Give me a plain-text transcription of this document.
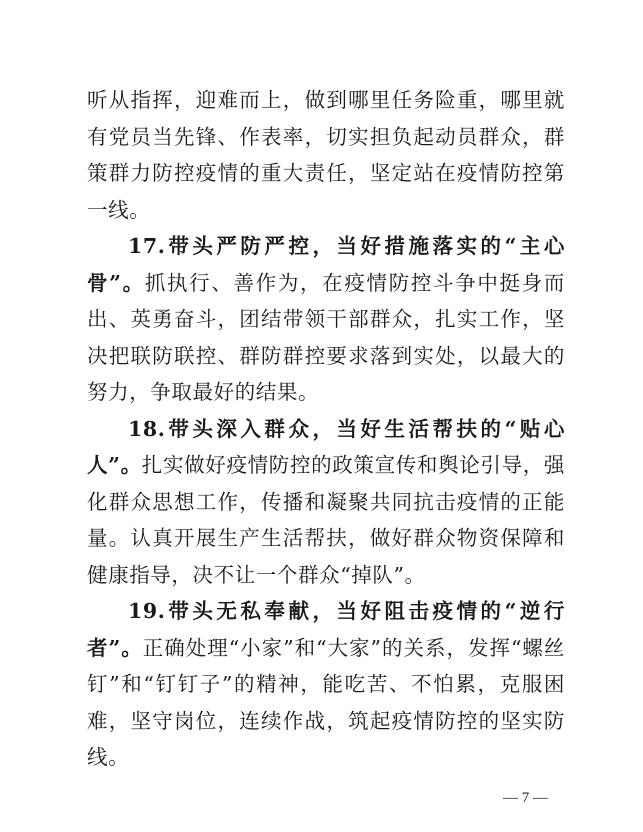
听从指挥，迎难而上，做到哪里任务险重，哪里就有党员当先锋、作表率，切实担负起动员群众，群策群力防控疫情的重大责任，坚定站在疫情防控第一线。

17.带头严防严控，当好措施落实的“主心骨”。抓执行、善作为，在疫情防控斗争中挺身而出、英勇奋斗，团结带领干部群众，扎实工作，坚决把联防联控、群防群控要求落到实处，以最大的努力，争取最好的结果。

18.带头深入群众，当好生活帮扶的“贴心人”。扎实做好疫情防控的政策宣传和舆论引导，强化群众思想工作，传播和凝聚共同抗击疫情的正能量。认真开展生产生活帮扶，做好群众物资保障和健康指导，决不让一个群众“掉队”。

19.带头无私奉献，当好阻击疫情的“逆行者”。正确处理“小家”和“大家”的关系，发挥“螺丝钉”和“钉钉子”的精神，能吃苦、不怕累，克服困难，坚守岗位，连续作战，筑起疫情防控的坚实防线。

— 7 —
